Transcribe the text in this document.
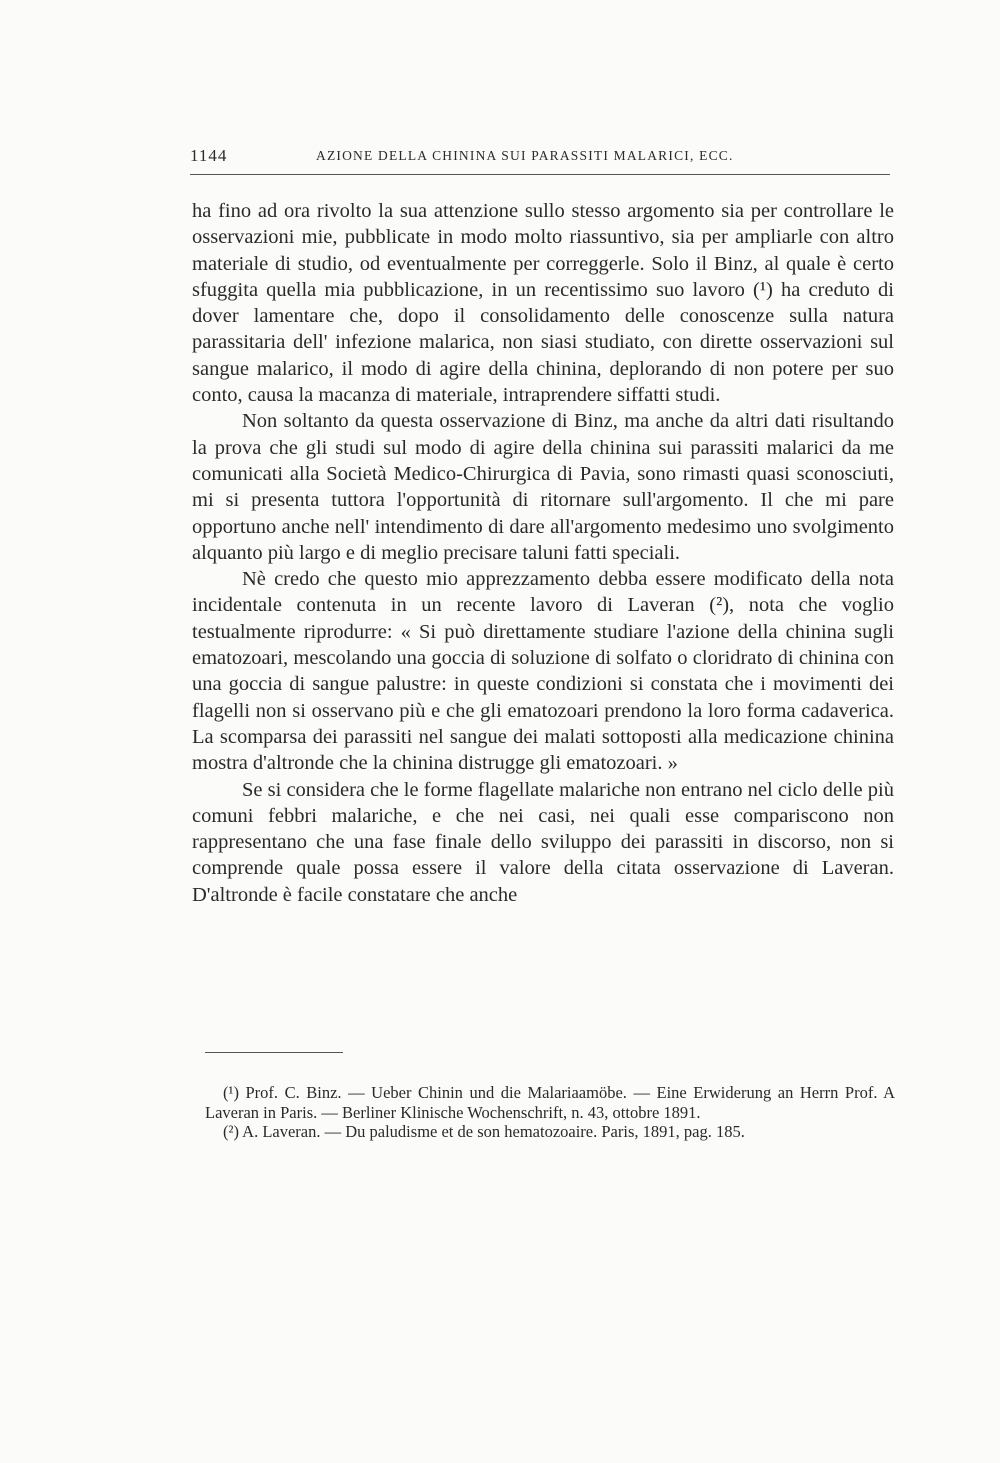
1144	AZIONE DELLA CHININA SUI PARASSITI MALARICI, ECC.

ha fino ad ora rivolto la sua attenzione sullo stesso argomento sia per controllare le osservazioni mie, pubblicate in modo molto riassuntivo, sia per ampliarle con altro materiale di studio, od eventualmente per correggerle. Solo il Binz, al quale è certo sfuggita quella mia pubblicazione, in un recentissimo suo lavoro (¹) ha creduto di dover lamentare che, dopo il consolidamento delle conoscenze sulla natura parassitaria dell' infezione malarica, non siasi studiato, con dirette osservazioni sul sangue malarico, il modo di agire della chinina, deplorando di non potere per suo conto, causa la macanza di materiale, intraprendere siffatti studi.

Non soltanto da questa osservazione di Binz, ma anche da altri dati risultando la prova che gli studi sul modo di agire della chinina sui parassiti malarici da me comunicati alla Società Medico-Chirurgica di Pavia, sono rimasti quasi sconosciuti, mi si presenta tuttora l'opportunità di ritornare sull'argomento. Il che mi pare opportuno anche nell' intendimento di dare all'argomento medesimo uno svolgimento alquanto più largo e di meglio precisare taluni fatti speciali.

Nè credo che questo mio apprezzamento debba essere modificato della nota incidentale contenuta in un recente lavoro di Laveran (²), nota che voglio testualmente riprodurre: « Si può direttamente studiare l'azione della chinina sugli ematozoari, mescolando una goccia di soluzione di solfato o cloridrato di chinina con una goccia di sangue palustre: in queste condizioni si constata che i movimenti dei flagelli non si osservano più e che gli ematozoari prendono la loro forma cadaverica. La scomparsa dei parassiti nel sangue dei malati sottoposti alla medicazione chinina mostra d'altronde che la chinina distrugge gli ematozoari. »

Se si considera che le forme flagellate malariche non entrano nel ciclo delle più comuni febbri malariche, e che nei casi, nei quali esse compariscono non rappresentano che una fase finale dello sviluppo dei parassiti in discorso, non si comprende quale possa essere il valore della citata osservazione di Laveran. D'altronde è facile constatare che anche

(¹) Prof. C. Binz. — Ueber Chinin und die Malariaamöbe. — Eine Erwiderung an Herrn Prof. A Laveran in Paris. — Berliner Klinische Wochenschrift, n. 43, ottobre 1891.

(²) A. Laveran. — Du paludisme et de son hematozoaire. Paris, 1891, pag. 185.
